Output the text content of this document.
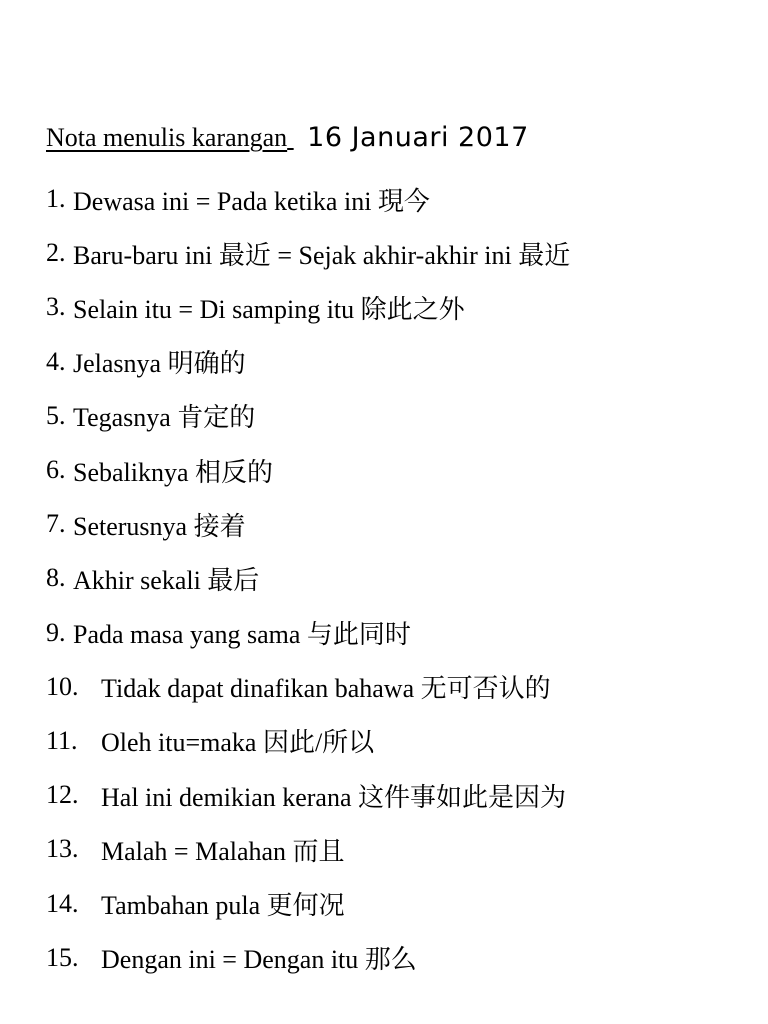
Nota menulis karangan 16 Januari 2017
1. Dewasa ini = Pada ketika ini 現今
2. Baru-baru ini 最近 = Sejak akhir-akhir ini 最近
3. Selain itu = Di samping itu 除此之外
4. Jelasnya 明确的
5. Tegasnya 肯定的
6. Sebaliknya 相反的
7. Seterusnya 接着
8. Akhir sekali 最后
9. Pada masa yang sama 与此同时
10. Tidak dapat dinafikan bahawa 无可否认的
11. Oleh itu=maka 因此/所以
12. Hal ini demikian kerana 这件事如此是因为
13. Malah = Malahan 而且
14. Tambahan pula 更何况
15. Dengan ini = Dengan itu 那么
